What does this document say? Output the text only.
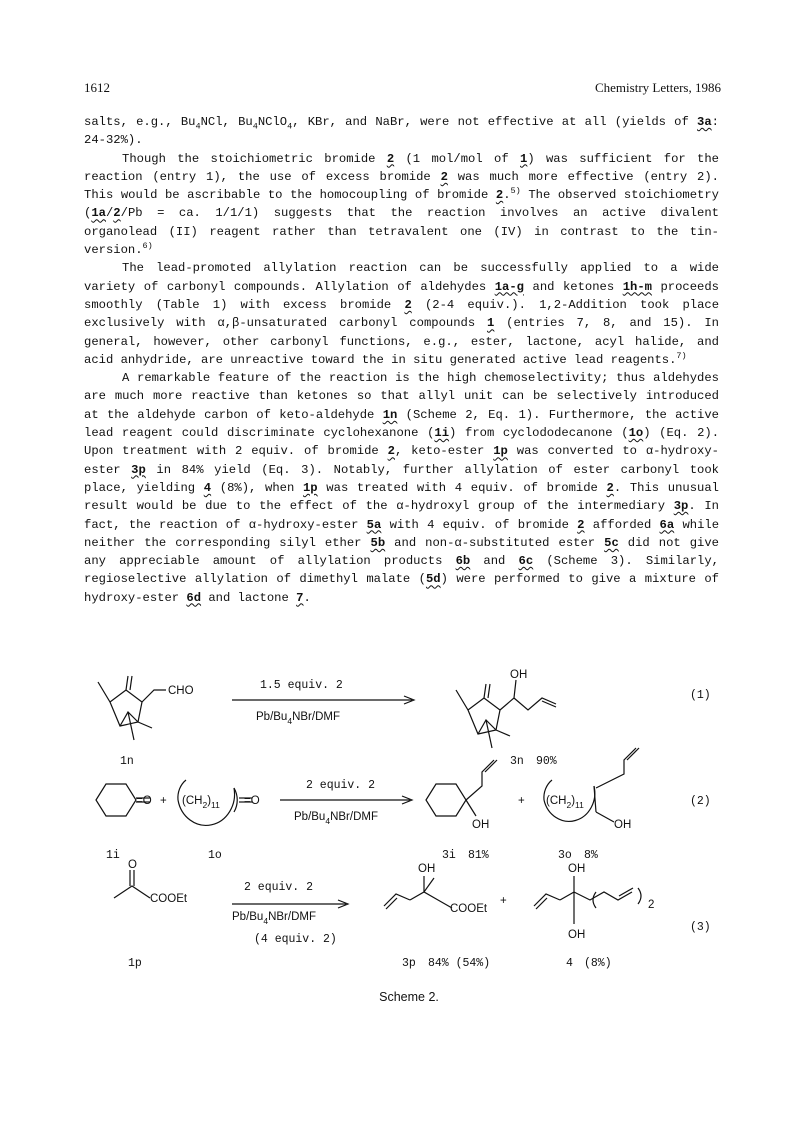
1612	Chemistry Letters, 1986

salts, e.g., $Bu_4NCl$, $Bu_4NClO_4$, KBr, and NaBr, were not effective at all (yields of 3a: 24-32%).

Though the stoichiometric bromide 2 (1 mol/mol of 1) was sufficient for the reaction (entry 1), the use of excess bromide 2 was much more effective (entry 2). This would be ascribable to the homocoupling of bromide 2.$^{5)}$ The observed stoichiometry (1a/2/Pb = ca. 1/1/1) suggests that the reaction involves an active divalent organolead (II) reagent rather than tetravalent one (IV) in contrast to the tin-version.$^{6)}$

The lead-promoted allylation reaction can be successfully applied to a wide variety of carbonyl compounds. Allylation of aldehydes 1a-g and ketones 1h-m proceeds smoothly (Table 1) with excess bromide 2 (2-4 equiv.). 1,2-Addition took place exclusively with α,β-unsaturated carbonyl compounds 1 (entries 7, 8, and 15). In general, however, other carbonyl functions, e.g., ester, lactone, acyl halide, and acid anhydride, are unreactive toward the in situ generated active lead reagents.$^{7)}$

A remarkable feature of the reaction is the high chemoselectivity; thus aldehydes are much more reactive than ketones so that allyl unit can be selectively introduced at the aldehyde carbon of keto-aldehyde 1n (Scheme 2, Eq. 1). Furthermore, the active lead reagent could discriminate cyclohexanone (1i) from cyclododecanone (1o) (Eq. 2). Upon treatment with 2 equiv. of bromide 2, keto-ester 1p was converted to α-hydroxy-ester 3p in 84% yield (Eq. 3). Notably, further allylation of ester carbonyl took place, yielding 4 (8%), when 1p was treated with 4 equiv. of bromide 2. This unusual result would be due to the effect of the α-hydroxyl group of the intermediary 3p. In fact, the reaction of α-hydroxy-ester 5a with 4 equiv. of bromide 2 afforded 6a while neither the corresponding silyl ether 5b and non-α-substituted ester 5c did not give any appreciable amount of allylation products 6b and 6c (Scheme 3). Similarly, regioselective allylation of dimethyl malate (5d) were performed to give a mixture of hydroxy-ester 6d and lactone 7.

CHO	1.5 equiv. 2
$Pb/Bu_4NBr$/DMF
OH
(1)
1n	3n 90%
$=O + (CH_2)_{11} =O$
2 equiv. 2
$Pb/Bu_4NBr$/DMF
OH
+ $(CH_2)_{11}$
OH
(2)
1i	1o	3i 81%	3o 8%
O
COOEt
2 equiv. 2
$Pb/Bu_4NBr$/DMF
(4 equiv. 2)
OH
COOEt
+
OH
OH
2
(3)
1p	3p 84% (54%)	4 (8%)
Scheme 2.
